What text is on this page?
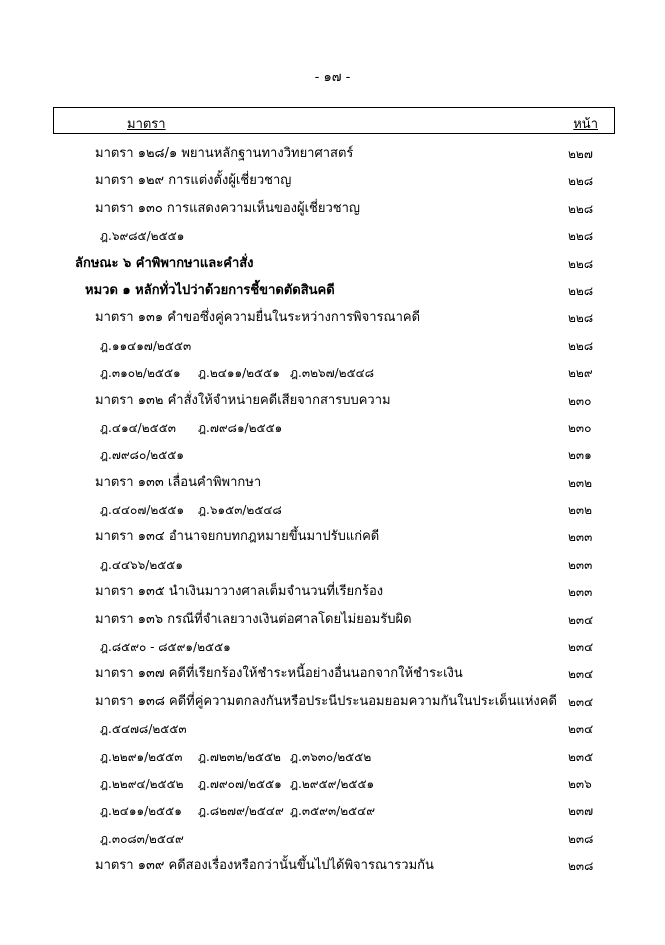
- ๑๗ -
มาตรา	หน้า
มาตรา ๑๒๘/๑ พยานหลักฐานทางวิทยาศาสตร์	๒๒๗
มาตรา ๑๒๙ การแต่งตั้งผู้เชี่ยวชาญ	๒๒๘
มาตรา ๑๓๐ การแสดงความเห็นของผู้เชี่ยวชาญ	๒๒๘
ฎ.๖๙๘๕/๒๕๕๑	๒๒๘
ลักษณะ ๖ คำพิพากษาและคำสั่ง	๒๒๘
หมวด ๑ หลักทั่วไปว่าด้วยการชี้ขาดตัดสินคดี	๒๒๘
มาตรา ๑๓๑ คำขอซึ่งคู่ความยื่นในระหว่างการพิจารณาคดี	๒๒๘
ฎ.๑๑๔๑๗/๒๕๕๓	๒๒๘
ฎ.๓๑๐๒/๒๕๕๑ ฎ.๒๔๑๑/๒๕๕๑ ฎ.๓๒๖๗/๒๕๔๘	๒๒๙
มาตรา ๑๓๒ คำสั่งให้จำหน่ายคดีเสียจากสารบบความ	๒๓๐
ฎ.๔๑๔/๒๕๕๓ ฎ.๗๙๘๑/๒๕๕๑	๒๓๐
ฎ.๗๙๘๐/๒๕๕๑	๒๓๑
มาตรา ๑๓๓ เลื่อนคำพิพากษา	๒๓๒
ฎ.๔๔๐๗/๒๕๕๑ ฎ.๖๑๕๓/๒๕๔๘	๒๓๒
มาตรา ๑๓๔ อำนาจยกบทกฎหมายขึ้นมาปรับแก่คดี	๒๓๓
ฎ.๔๔๖๖/๒๕๕๑	๒๓๓
มาตรา ๑๓๕ นำเงินมาวางศาลเต็มจำนวนที่เรียกร้อง	๒๓๓
มาตรา ๑๓๖ กรณีที่จำเลยวางเงินต่อศาลโดยไม่ยอมรับผิด	๒๓๔
ฎ.๘๕๙๐ - ๘๕๙๑/๒๕๕๑	๒๓๔
มาตรา ๑๓๗ คดีที่เรียกร้องให้ชำระหนี้อย่างอื่นนอกจากให้ชำระเงิน	๒๓๔
มาตรา ๑๓๘ คดีที่คู่ความตกลงกันหรือประนีประนอมยอมความกันในประเด็นแห่งคดี ๒๓๔
ฎ.๕๔๗๘/๒๕๕๓	๒๓๔
ฎ.๒๒๙๑/๒๕๕๓ ฎ.๗๒๓๒/๒๕๕๒ ฎ.๓๖๓๐/๒๕๕๒	๒๓๕
ฎ.๒๒๙๔/๒๕๕๒ ฎ.๗๙๐๗/๒๕๕๑ ฎ.๒๙๕๙/๒๕๕๑	๒๓๖
ฎ.๒๔๑๑/๒๕๕๑ ฎ.๘๒๗๙/๒๕๔๙ ฎ.๓๕๙๓/๒๕๔๙	๒๓๗
ฎ.๓๐๘๓/๒๕๔๙	๒๓๘
มาตรา ๑๓๙ คดีสองเรื่องหรือกว่านั้นขึ้นไปได้พิจารณารวมกัน	๒๓๘
